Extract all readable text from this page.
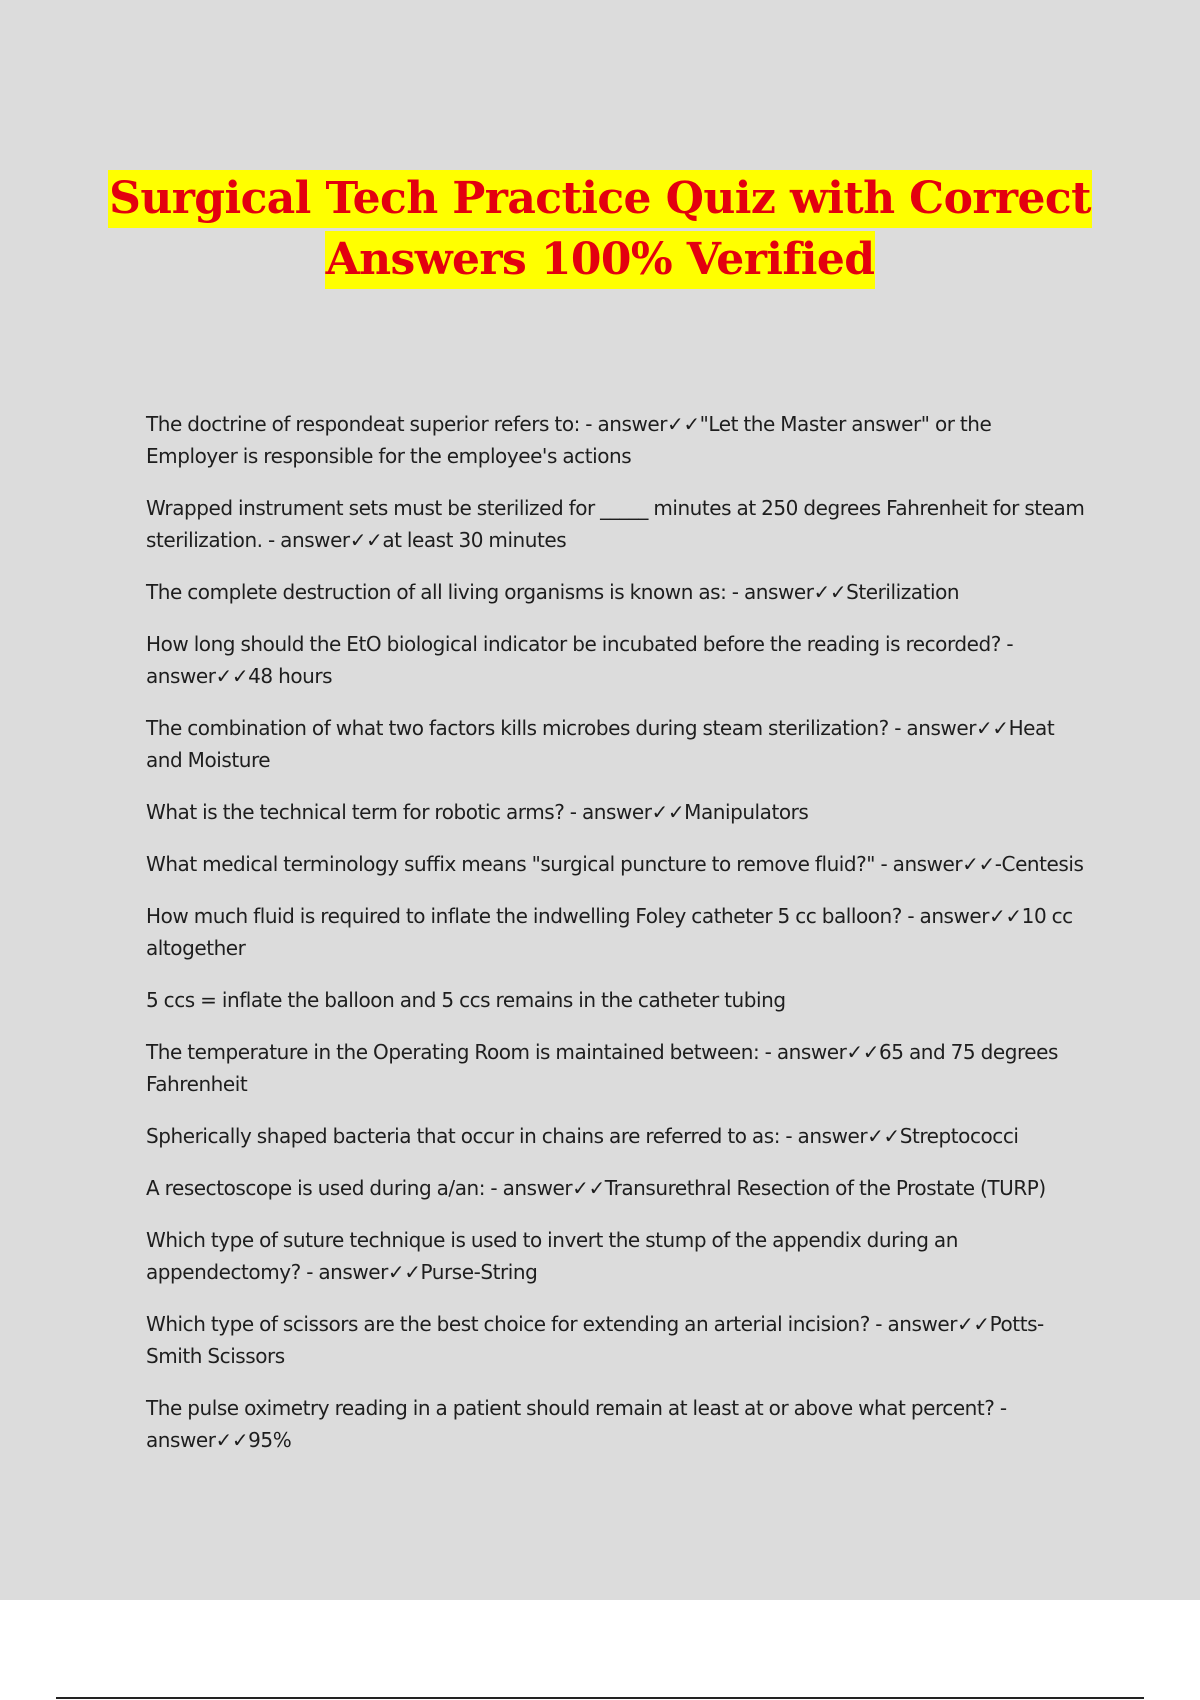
Surgical Tech Practice Quiz with Correct
Answers 100% Verified

The doctrine of respondeat superior refers to: - answer✓✓"Let the Master answer" or the Employer is responsible for the employee's actions

Wrapped instrument sets must be sterilized for _____ minutes at 250 degrees Fahrenheit for steam sterilization. - answer✓✓at least 30 minutes

The complete destruction of all living organisms is known as: - answer✓✓Sterilization

How long should the EtO biological indicator be incubated before the reading is recorded? - answer✓✓48 hours

The combination of what two factors kills microbes during steam sterilization? - answer✓✓Heat and Moisture

What is the technical term for robotic arms? - answer✓✓Manipulators

What medical terminology suffix means "surgical puncture to remove fluid?" - answer✓✓-Centesis

How much fluid is required to inflate the indwelling Foley catheter 5 cc balloon? - answer✓✓10 cc altogether

5 ccs = inflate the balloon and 5 ccs remains in the catheter tubing

The temperature in the Operating Room is maintained between: - answer✓✓65 and 75 degrees Fahrenheit

Spherically shaped bacteria that occur in chains are referred to as: - answer✓✓Streptococci

A resectoscope is used during a/an: - answer✓✓Transurethral Resection of the Prostate (TURP)

Which type of suture technique is used to invert the stump of the appendix during an appendectomy? - answer✓✓Purse-String

Which type of scissors are the best choice for extending an arterial incision? - answer✓✓Potts-Smith Scissors

The pulse oximetry reading in a patient should remain at least at or above what percent? - answer✓✓95%
